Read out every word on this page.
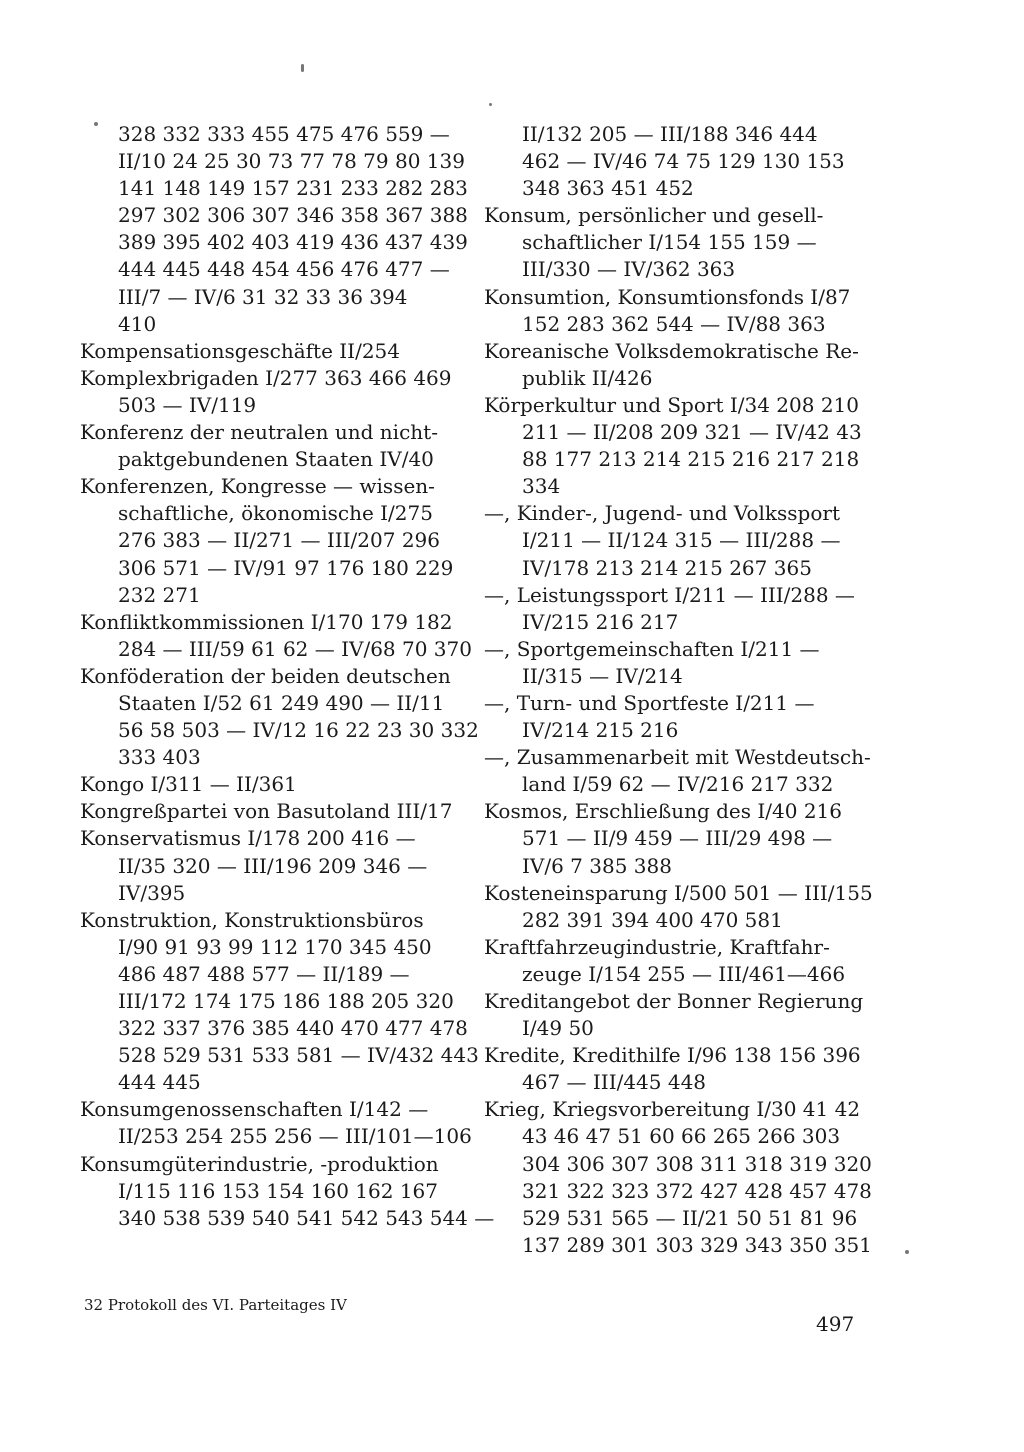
328 332 333 455 475 476 559 —
II/10 24 25 30 73 77 78 79 80 139
141 148 149 157 231 233 282 283
297 302 306 307 346 358 367 388
389 395 402 403 419 436 437 439
444 445 448 454 456 476 477 —
III/7 — IV/6 31 32 33 36 394
410
Kompensationsgeschäfte II/254
Komplexbrigaden I/277 363 466 469
503 — IV/119
Konferenz der neutralen und nicht-
paktgebundenen Staaten IV/40
Konferenzen, Kongresse — wissen-
schaftliche, ökonomische I/275
276 383 — II/271 — III/207 296
306 571 — IV/91 97 176 180 229
232 271
Konfliktkommissionen I/170 179 182
284 — III/59 61 62 — IV/68 70 370
Konföderation der beiden deutschen
Staaten I/52 61 249 490 — II/11
56 58 503 — IV/12 16 22 23 30 332
333 403
Kongo I/311 — II/361
Kongreßpartei von Basutoland III/17
Konservatismus I/178 200 416 —
II/35 320 — III/196 209 346 —
IV/395
Konstruktion, Konstruktionsbüros
I/90 91 93 99 112 170 345 450
486 487 488 577 — II/189 —
III/172 174 175 186 188 205 320
322 337 376 385 440 470 477 478
528 529 531 533 581 — IV/432 443
444 445
Konsumgenossenschaften I/142 —
II/253 254 255 256 — III/101—106
Konsumgüterindustrie, -produktion
I/115 116 153 154 160 162 167
340 538 539 540 541 542 543 544 —
II/132 205 — III/188 346 444
462 — IV/46 74 75 129 130 153
348 363 451 452
Konsum, persönlicher und gesell-
schaftlicher I/154 155 159 —
III/330 — IV/362 363
Konsumtion, Konsumtionsfonds I/87
152 283 362 544 — IV/88 363
Koreanische Volksdemokratische Re-
publik II/426
Körperkultur und Sport I/34 208 210
211 — II/208 209 321 — IV/42 43
88 177 213 214 215 216 217 218
334
—, Kinder-, Jugend- und Volkssport
I/211 — II/124 315 — III/288 —
IV/178 213 214 215 267 365
—, Leistungssport I/211 — III/288 —
IV/215 216 217
—, Sportgemeinschaften I/211 —
II/315 — IV/214
—, Turn- und Sportfeste I/211 —
IV/214 215 216
—, Zusammenarbeit mit Westdeutsch-
land I/59 62 — IV/216 217 332
Kosmos, Erschließung des I/40 216
571 — II/9 459 — III/29 498 —
IV/6 7 385 388
Kosteneinsparung I/500 501 — III/155
282 391 394 400 470 581
Kraftfahrzeugindustrie, Kraftfahr-
zeuge I/154 255 — III/461—466
Kreditangebot der Bonner Regierung
I/49 50
Kredite, Kredithilfe I/96 138 156 396
467 — III/445 448
Krieg, Kriegsvorbereitung I/30 41 42
43 46 47 51 60 66 265 266 303
304 306 307 308 311 318 319 320
321 322 323 372 427 428 457 478
529 531 565 — II/21 50 51 81 96
137 289 301 303 329 343 350 351
32 Protokoll des VI. Parteitages IV
497
